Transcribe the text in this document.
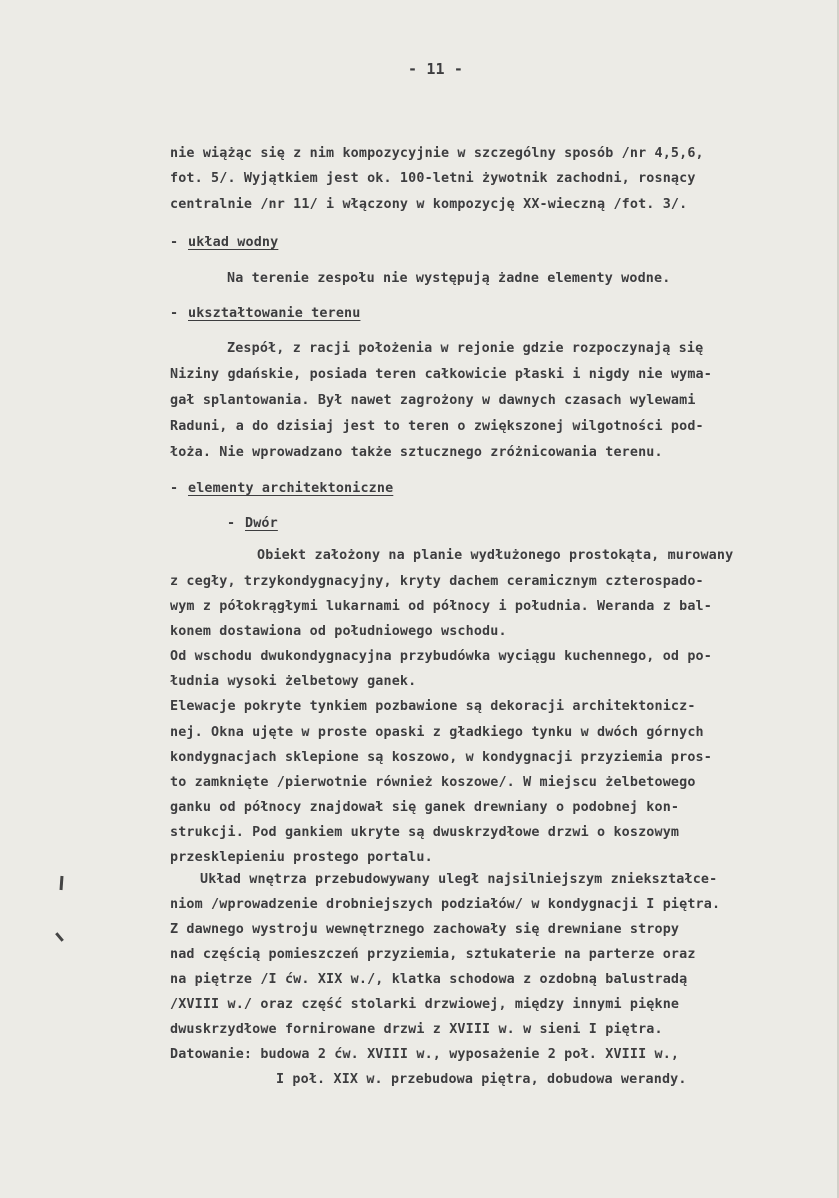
- 11 -
nie wiążąc się z nim kompozycyjnie w szczególny sposób /nr 4,5,6,
fot. 5/. Wyjątkiem jest ok. 100-letni żywotnik zachodni, rosnący
centralnie /nr 11/ i włączony w kompozycję XX-wieczną /fot. 3/.
- układ wodny
Na terenie zespołu nie występują żadne elementy wodne.
- ukształtowanie terenu
Zespół, z racji położenia w rejonie gdzie rozpoczynają się
Niziny gdańskie, posiada teren całkowicie płaski i nigdy nie wyma-
gał splantowania. Był nawet zagrożony w dawnych czasach wylewami
Raduni, a do dzisiaj jest to teren o zwiększonej wilgotności pod-
łoża. Nie wprowadzano także sztucznego zróżnicowania terenu.
- elementy architektoniczne
- Dwór
Obiekt założony na planie wydłużonego prostokąta, murowany
z cegły, trzykondygnacyjny, kryty dachem ceramicznym czterospado-
wym z półokrągłymi lukarnami od północy i południa. Weranda z bal-
konem dostawiona od południowego wschodu.
Od wschodu dwukondygnacyjna przybudówka wyciągu kuchennego, od po-
łudnia wysoki żelbetowy ganek.
Elewacje pokryte tynkiem pozbawione są dekoracji architektonicz-
nej. Okna ujęte w proste opaski z gładkiego tynku w dwóch górnych
kondygnacjach sklepione są koszowo, w kondygnacji przyziemia pros-
to zamknięte /pierwotnie również koszowe/. W miejscu żelbetowego
ganku od północy znajdował się ganek drewniany o podobnej kon-
strukcji. Pod gankiem ukryte są dwuskrzydłowe drzwi o koszowym
przesklepieniu prostego portalu.
Układ wnętrza przebudowywany uległ najsilniejszym zniekształce-
niom /wprowadzenie drobniejszych podziałów/ w kondygnacji I piętra.
Z dawnego wystroju wewnętrznego zachowały się drewniane stropy
nad częścią pomieszczeń przyziemia, sztukaterie na parterze oraz
na piętrze /I ćw. XIX w./, klatka schodowa z ozdobną balustradą
/XVIII w./ oraz część stolarki drzwiowej, między innymi piękne
dwuskrzydłowe fornirowane drzwi z XVIII w. w sieni I piętra.
Datowanie: budowa 2 ćw. XVIII w., wyposażenie 2 poł. XVIII w.,
I poł. XIX w. przebudowa piętra, dobudowa werandy.
